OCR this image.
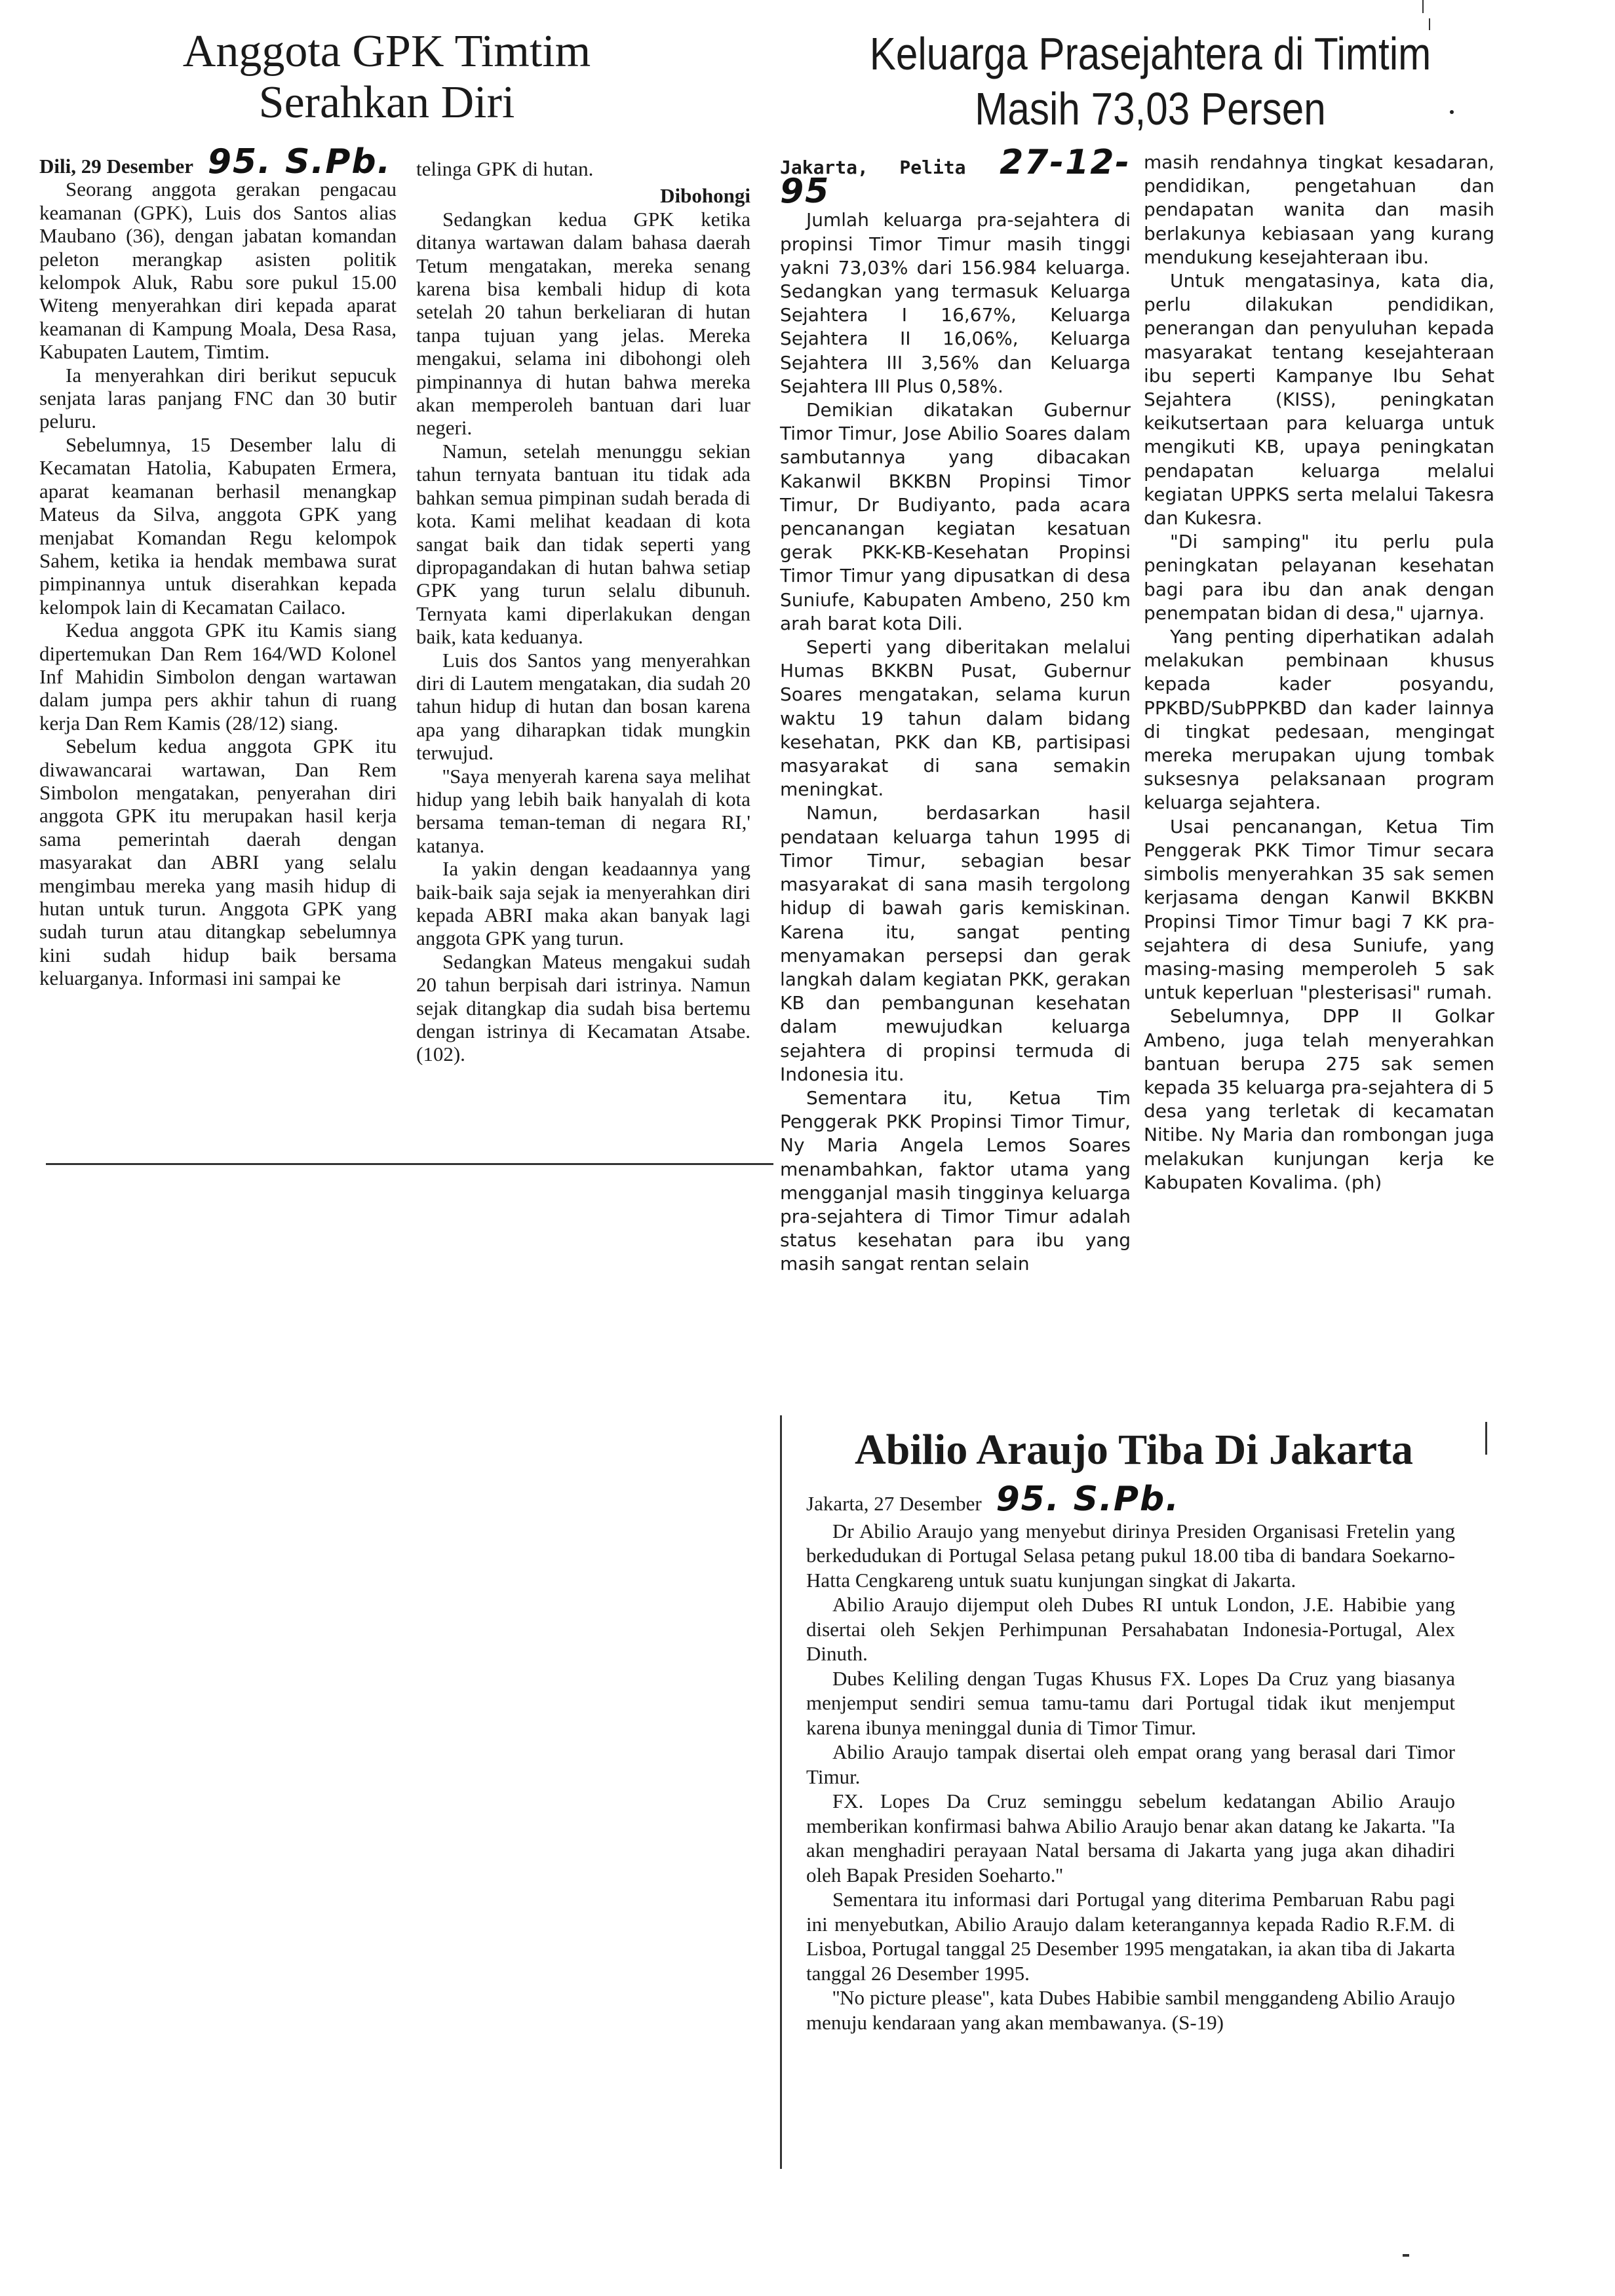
Anggota GPK Timtim
Serahkan Diri

Dili, 29 Desember 95. S.Pb.

Seorang anggota gerakan pengacau keamanan (GPK), Luis dos Santos alias Maubano (36), dengan jabatan komandan peleton merangkap asisten politik kelompok Aluk, Rabu sore pukul 15.00 Witeng menyerahkan diri kepada aparat keamanan di Kampung Moala, Desa Rasa, Kabupaten Lautem, Timtim.

Ia menyerahkan diri berikut sepucuk senjata laras panjang FNC dan 30 butir peluru.

Sebelumnya, 15 Desember lalu di Kecamatan Hatolia, Kabupaten Ermera, aparat keamanan berhasil menangkap Mateus da Silva, anggota GPK yang menjabat Komandan Regu kelompok Sahem, ketika ia hendak membawa surat pimpinannya untuk diserahkan kepada kelompok lain di Kecamatan Cailaco.

Kedua anggota GPK itu Kamis siang dipertemukan Dan Rem 164/WD Kolonel Inf Mahidin Simbolon dengan wartawan dalam jumpa pers akhir tahun di ruang kerja Dan Rem Kamis (28/12) siang.

Sebelum kedua anggota GPK itu diwawancarai wartawan, Dan Rem Simbolon mengatakan, penyerahan diri anggota GPK itu merupakan hasil kerja sama pemerintah daerah dengan masyarakat dan ABRI yang selalu mengimbau mereka yang masih hidup di hutan untuk turun. Anggota GPK yang sudah turun atau ditangkap sebelumnya kini sudah hidup baik bersama keluarganya. Informasi ini sampai ke

telinga GPK di hutan.

Dibohongi

Sedangkan kedua GPK ketika ditanya wartawan dalam bahasa daerah Tetum mengatakan, mereka senang karena bisa kembali hidup di kota setelah 20 tahun berkeliaran di hutan tanpa tujuan yang jelas. Mereka mengakui, selama ini dibohongi oleh pimpinannya di hutan bahwa mereka akan memperoleh bantuan dari luar negeri.

Namun, setelah menunggu sekian tahun ternyata bantuan itu tidak ada bahkan semua pimpinan sudah berada di kota. Kami melihat keadaan di kota sangat baik dan tidak seperti yang dipropagandakan di hutan bahwa setiap GPK yang turun selalu dibunuh. Ternyata kami diperlakukan dengan baik, kata keduanya.

Luis dos Santos yang menyerahkan diri di Lautem mengatakan, dia sudah 20 tahun hidup di hutan dan bosan karena apa yang diharapkan tidak mungkin terwujud.

''Saya menyerah karena saya melihat hidup yang lebih baik hanyalah di kota bersama teman-teman di negara RI,' katanya.

Ia yakin dengan keadaannya yang baik-baik saja sejak ia menyerahkan diri kepada ABRI maka akan banyak lagi anggota GPK yang turun.

Sedangkan Mateus mengakui sudah 20 tahun berpisah dari istrinya. Namun sejak ditangkap dia sudah bisa bertemu dengan istrinya di Kecamatan Atsabe. (102).

Keluarga Prasejahtera di Timtim
Masih 73,03 Persen

Jakarta, Pelita 27-12-95

Jumlah keluarga pra-sejahtera di propinsi Timor Timur masih tinggi yakni 73,03% dari 156.984 keluarga. Sedangkan yang termasuk Keluarga Sejahtera I 16,67%, Keluarga Sejahtera II 16,06%, Keluarga Sejahtera III 3,56% dan Keluarga Sejahtera III Plus 0,58%.

Demikian dikatakan Gubernur Timor Timur, Jose Abilio Soares dalam sambutannya yang dibacakan Kakanwil BKKBN Propinsi Timor Timur, Dr Budiyanto, pada acara pencanangan kegiatan kesatuan gerak PKK-KB-Kesehatan Propinsi Timor Timur yang dipusatkan di desa Suniufe, Kabupaten Ambeno, 250 km arah barat kota Dili.

Seperti yang diberitakan melalui Humas BKKBN Pusat, Gubernur Soares mengatakan, selama kurun waktu 19 tahun dalam bidang kesehatan, PKK dan KB, partisipasi masyarakat di sana semakin meningkat.

Namun, berdasarkan hasil pendataan keluarga tahun 1995 di Timor Timur, sebagian besar masyarakat di sana masih tergolong hidup di bawah garis kemiskinan. Karena itu, sangat penting menyamakan persepsi dan gerak langkah dalam kegiatan PKK, gerakan KB dan pembangunan kesehatan dalam mewujudkan keluarga sejahtera di propinsi termuda di Indonesia itu.

Sementara itu, Ketua Tim Penggerak PKK Propinsi Timor Timur, Ny Maria Angela Lemos Soares menambahkan, faktor utama yang mengganjal masih tingginya keluarga pra-sejahtera di Timor Timur adalah status kesehatan para ibu yang masih sangat rentan selain

masih rendahnya tingkat kesadaran, pendidikan, pengetahuan dan pendapatan wanita dan masih berlakunya kebiasaan yang kurang mendukung kesejahteraan ibu.

Untuk mengatasinya, kata dia, perlu dilakukan pendidikan, penerangan dan penyuluhan kepada masyarakat tentang kesejahteraan ibu seperti Kampanye Ibu Sehat Sejahtera (KISS), peningkatan keikutsertaan para keluarga untuk mengikuti KB, upaya peningkatan pendapatan keluarga melalui kegiatan UPPKS serta melalui Takesra dan Kukesra.

"Di samping" itu perlu pula peningkatan pelayanan kesehatan bagi para ibu dan anak dengan penempatan bidan di desa," ujarnya.

Yang penting diperhatikan adalah melakukan pembinaan khusus kepada kader posyandu, PPKBD/SubPPKBD dan kader lainnya di tingkat pedesaan, mengingat mereka merupakan ujung tombak suksesnya pelaksanaan program keluarga sejahtera.

Usai pencanangan, Ketua Tim Penggerak PKK Timor Timur secara simbolis menyerahkan 35 sak semen kerjasama dengan Kanwil BKKBN Propinsi Timor Timur bagi 7 KK pra-sejahtera di desa Suniufe, yang masing-masing memperoleh 5 sak untuk keperluan "plesterisasi" rumah.

Sebelumnya, DPP II Golkar Ambeno, juga telah menyerahkan bantuan berupa 275 sak semen kepada 35 keluarga pra-sejahtera di 5 desa yang terletak di kecamatan Nitibe. Ny Maria dan rombongan juga melakukan kunjungan kerja ke Kabupaten Kovalima. (ph)

Abilio Araujo Tiba Di Jakarta

Jakarta, 27 Desember 95. S.Pb.

Dr Abilio Araujo yang menyebut dirinya Presiden Organisasi Fretelin yang berkedudukan di Portugal Selasa petang pukul 18.00 tiba di bandara Soekarno-Hatta Cengkareng untuk suatu kunjungan singkat di Jakarta.

Abilio Araujo dijemput oleh Dubes RI untuk London, J.E. Habibie yang disertai oleh Sekjen Perhimpunan Persahabatan Indonesia-Portugal, Alex Dinuth.

Dubes Keliling dengan Tugas Khusus FX. Lopes Da Cruz yang biasanya menjemput sendiri semua tamu-tamu dari Portugal tidak ikut menjemput karena ibunya meninggal dunia di Timor Timur.

Abilio Araujo tampak disertai oleh empat orang yang berasal dari Timor Timur.

FX. Lopes Da Cruz seminggu sebelum kedatangan Abilio Araujo memberikan konfirmasi bahwa Abilio Araujo benar akan datang ke Jakarta. ''Ia akan menghadiri perayaan Natal bersama di Jakarta yang juga akan dihadiri oleh Bapak Presiden Soeharto.''

Sementara itu informasi dari Portugal yang diterima Pembaruan Rabu pagi ini menyebutkan, Abilio Araujo dalam keterangannya kepada Radio R.F.M. di Lisboa, Portugal tanggal 25 Desember 1995 mengatakan, ia akan tiba di Jakarta tanggal 26 Desember 1995.

''No picture please'', kata Dubes Habibie sambil menggandeng Abilio Araujo menuju kendaraan yang akan membawanya. (S-19)
